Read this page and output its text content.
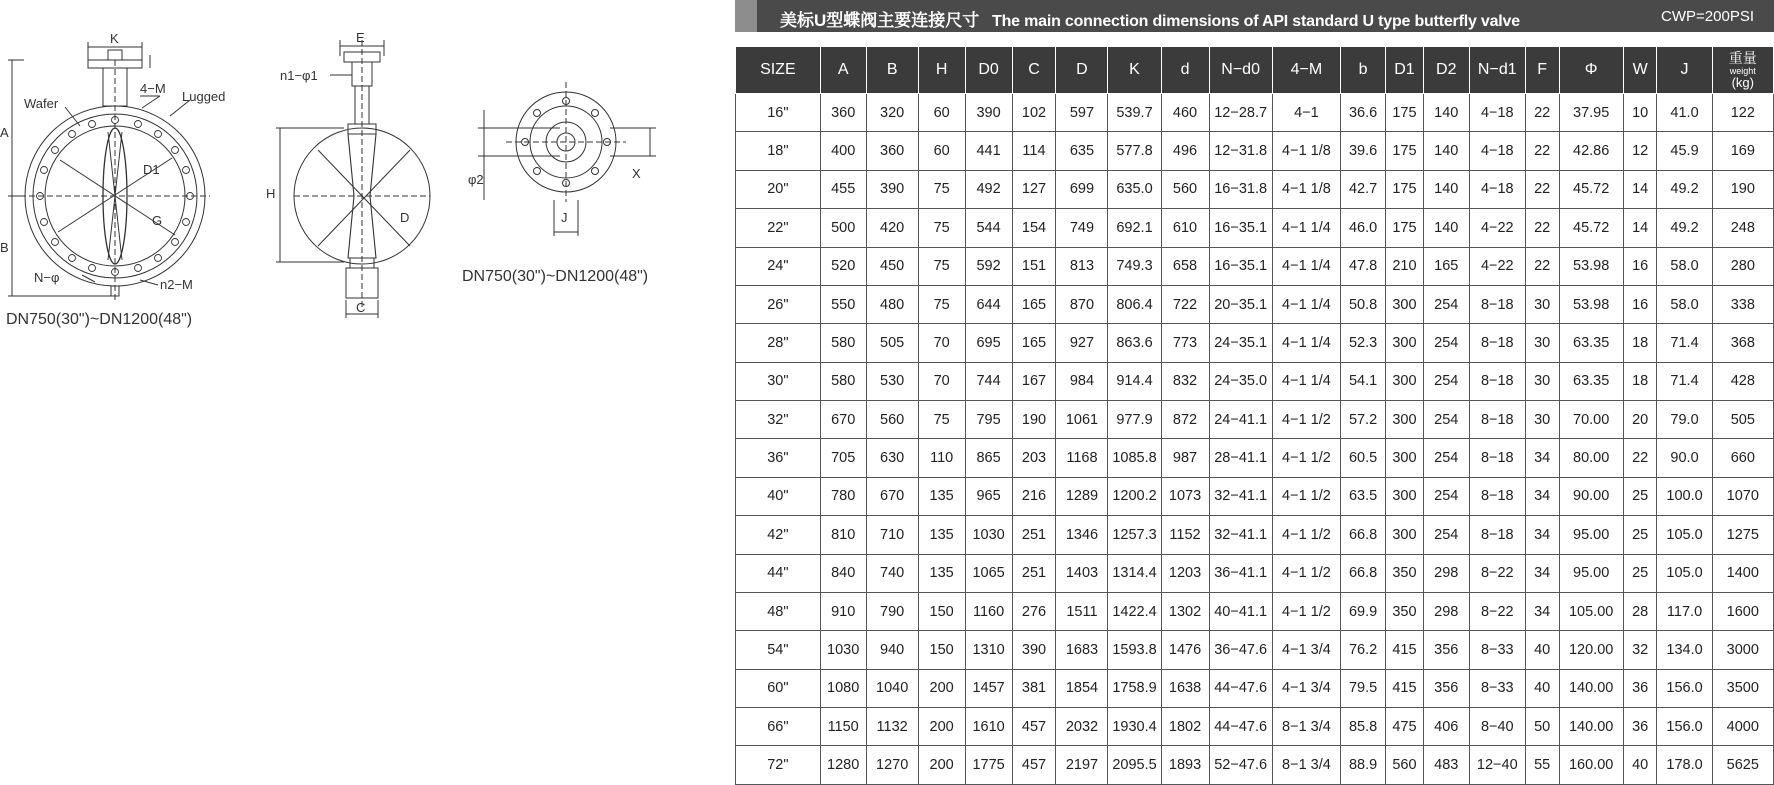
K
4−M
Wafer	Lugged
A
B
D1
G
N−φ	n2−M
DN750(30")~DN1200(48")
E
n1−φ1
H
D
C
φ2	X
J
DN750(30")~DN1200(48")
美标U型蝶阀主要连接尺寸 The main connection dimensions of API standard U type butterfly valve	CWP=200PSI
SIZE	A	B	H	D0	C	D	K	d	N−d0	4−M	b	D1	D2	N−d1	F	Φ	W	J	重量
weight
(kg)

16"	360	320	60	390	102	597	539.7	460	12−28.7	4−1	36.6	175	140	4−18	22	37.95	10	41.0	122
18"	400	360	60	441	114	635	577.8	496	12−31.8	4−1 1/8	39.6	175	140	4−18	22	42.86	12	45.9	169
20"	455	390	75	492	127	699	635.0	560	16−31.8	4−1 1/8	42.7	175	140	4−18	22	45.72	14	49.2	190
22"	500	420	75	544	154	749	692.1	610	16−35.1	4−1 1/4	46.0	175	140	4−22	22	45.72	14	49.2	248
24"	520	450	75	592	151	813	749.3	658	16−35.1	4−1 1/4	47.8	210	165	4−22	22	53.98	16	58.0	280
26"	550	480	75	644	165	870	806.4	722	20−35.1	4−1 1/4	50.8	300	254	8−18	30	53.98	16	58.0	338
28"	580	505	70	695	165	927	863.6	773	24−35.1	4−1 1/4	52.3	300	254	8−18	30	63.35	18	71.4	368
30"	580	530	70	744	167	984	914.4	832	24−35.0	4−1 1/4	54.1	300	254	8−18	30	63.35	18	71.4	428
32"	670	560	75	795	190	1061	977.9	872	24−41.1	4−1 1/2	57.2	300	254	8−18	30	70.00	20	79.0	505
36"	705	630	110	865	203	1168	1085.8	987	28−41.1	4−1 1/2	60.5	300	254	8−18	34	80.00	22	90.0	660
40"	780	670	135	965	216	1289	1200.2	1073	32−41.1	4−1 1/2	63.5	300	254	8−18	34	90.00	25	100.0	1070
42"	810	710	135	1030	251	1346	1257.3	1152	32−41.1	4−1 1/2	66.8	300	254	8−18	34	95.00	25	105.0	1275
44"	840	740	135	1065	251	1403	1314.4	1203	36−41.1	4−1 1/2	66.8	350	298	8−22	34	95.00	25	105.0	1400
48"	910	790	150	1160	276	1511	1422.4	1302	40−41.1	4−1 1/2	69.9	350	298	8−22	34	105.00	28	117.0	1600
54"	1030	940	150	1310	390	1683	1593.8	1476	36−47.6	4−1 3/4	76.2	415	356	8−33	40	120.00	32	134.0	3000
60"	1080	1040	200	1457	381	1854	1758.9	1638	44−47.6	4−1 3/4	79.5	415	356	8−33	40	140.00	36	156.0	3500
66"	1150	1132	200	1610	457	2032	1930.4	1802	44−47.6	8−1 3/4	85.8	475	406	8−40	50	140.00	36	156.0	4000
72"	1280	1270	200	1775	457	2197	2095.5	1893	52−47.6	8−1 3/4	88.9	560	483	12−40	55	160.00	40	178.0	5625
